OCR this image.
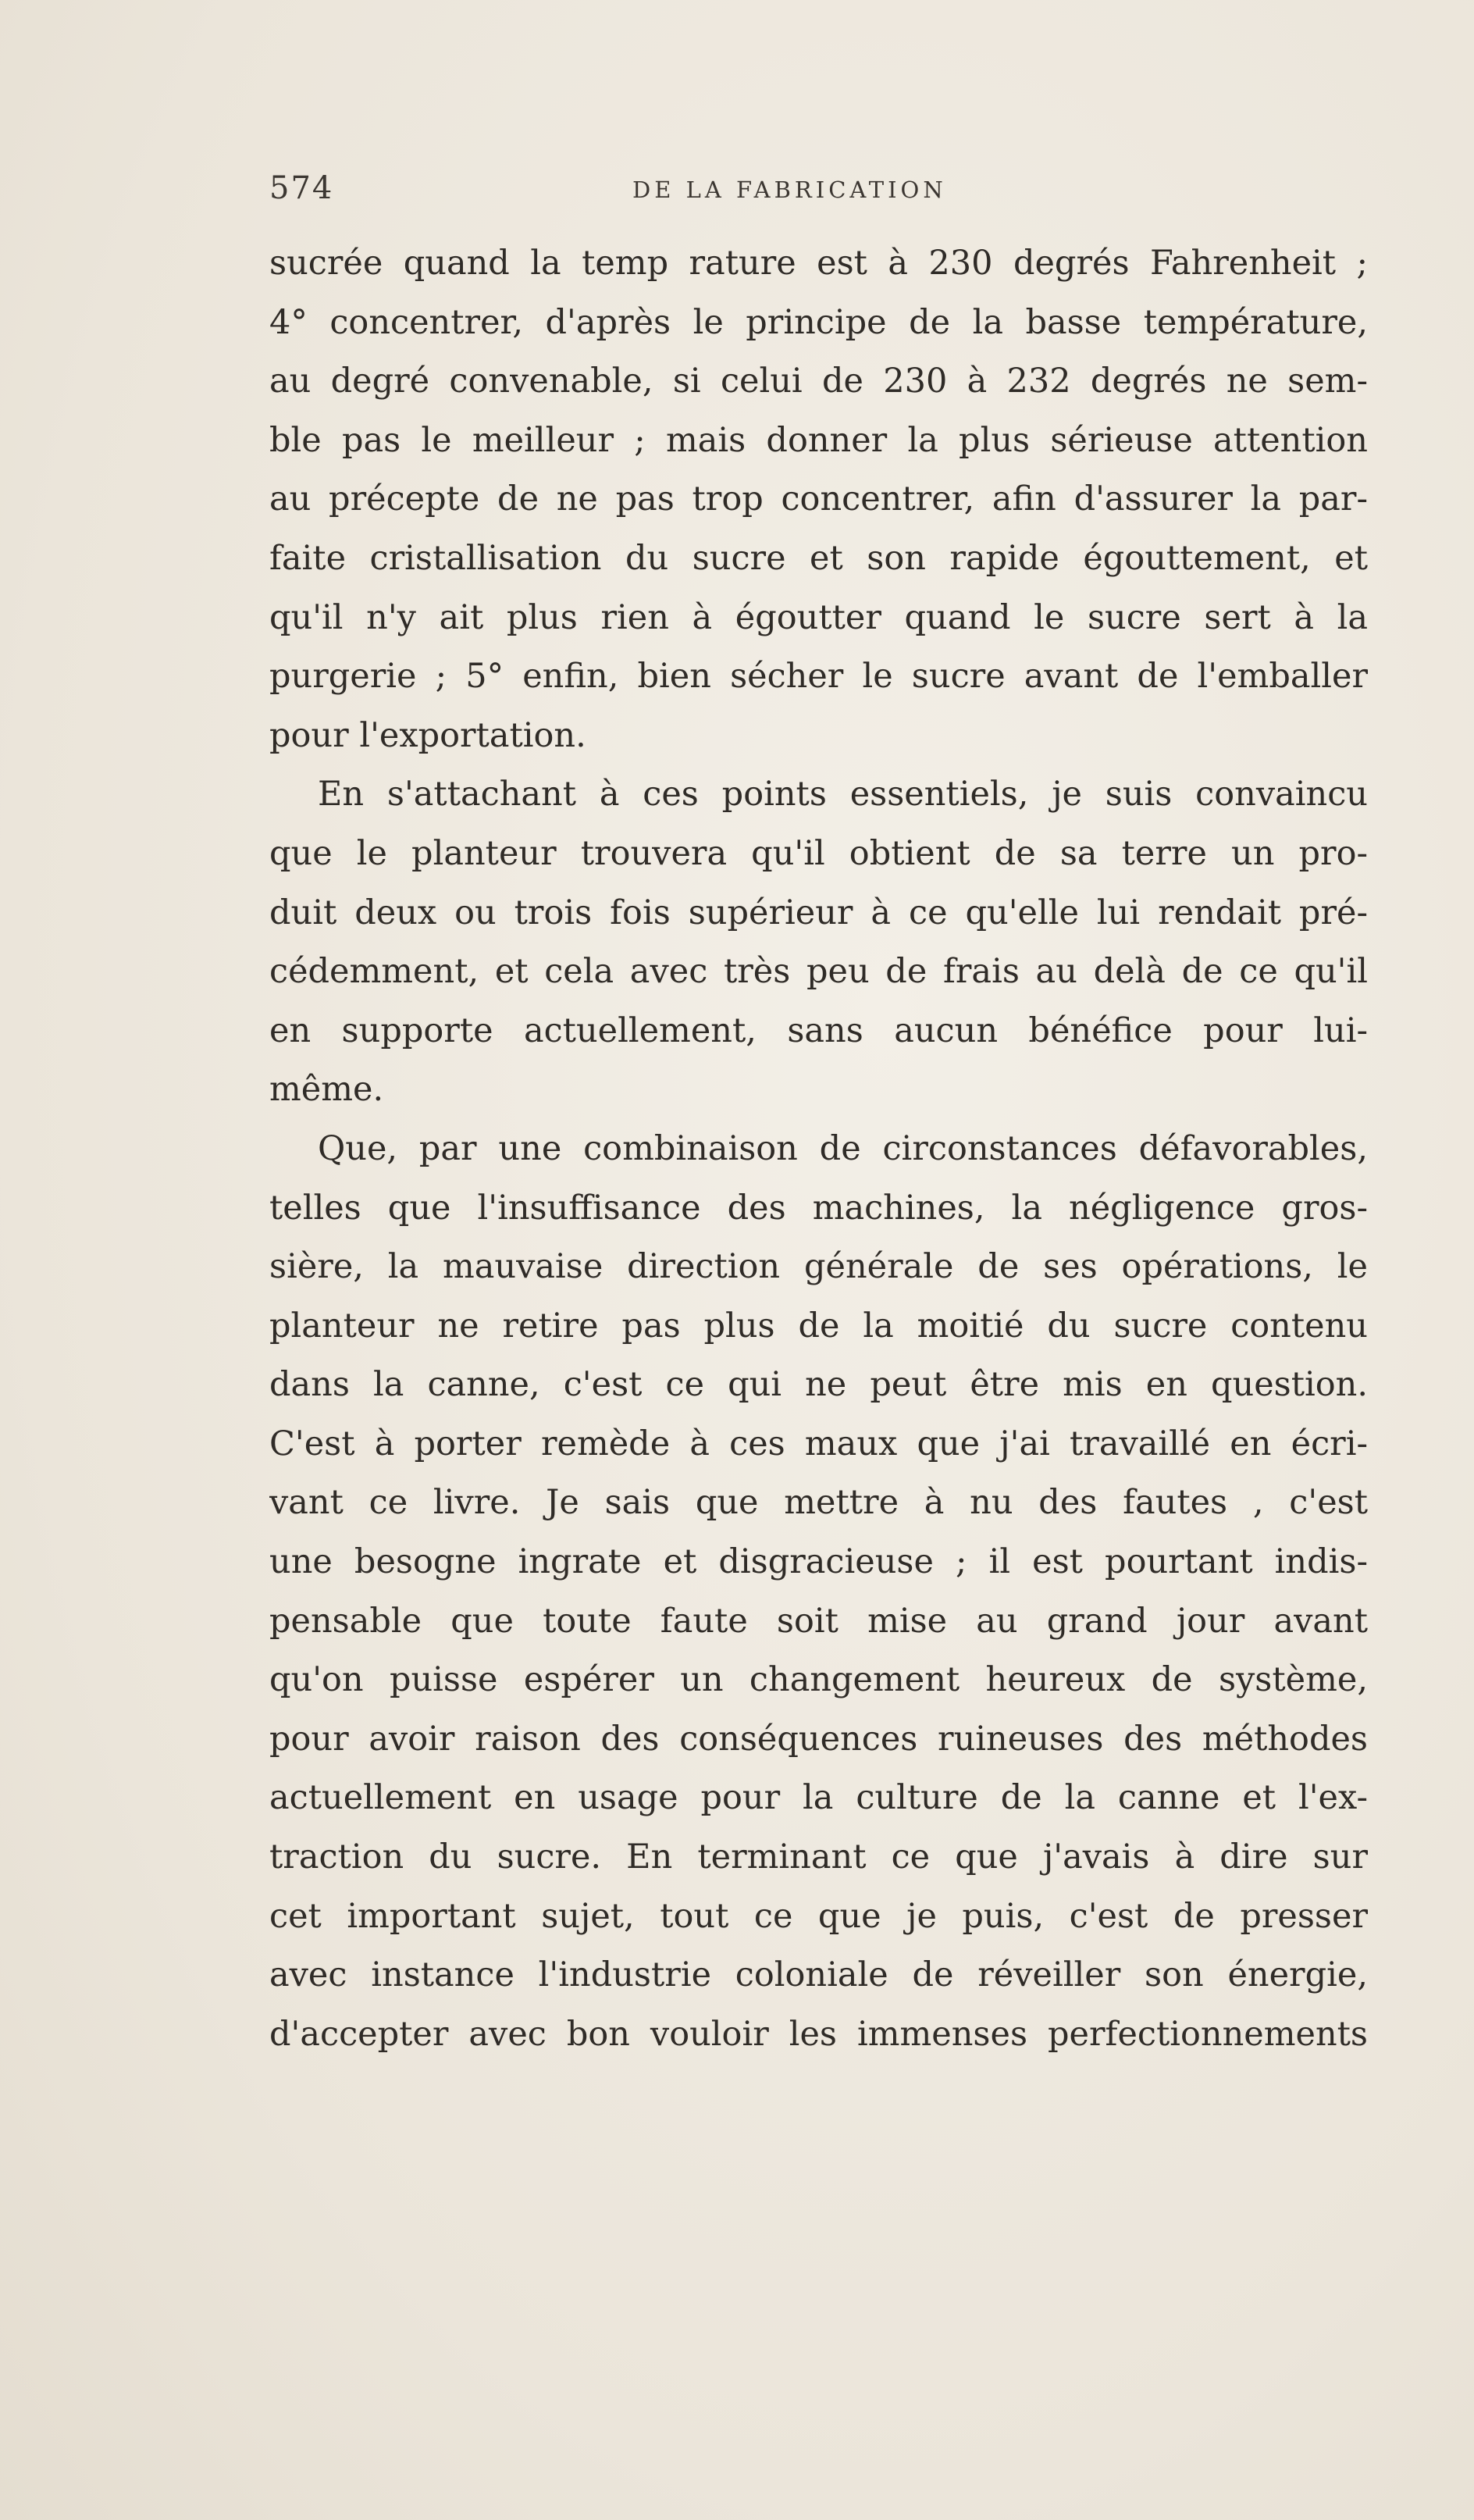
574	DE LA FABRICATION
sucrée quand la temp rature est à 230 degrés Fahrenheit ;
4° concentrer, d'après le principe de la basse température,
au degré convenable, si celui de 230 à 232 degrés ne sem-
ble pas le meilleur ; mais donner la plus sérieuse attention
au précepte de ne pas trop concentrer, afin d'assurer la par-
faite cristallisation du sucre et son rapide égouttement, et
qu'il n'y ait plus rien à égoutter quand le sucre sert à la
purgerie ; 5° enfin, bien sécher le sucre avant de l'emballer
pour l'exportation.
En s'attachant à ces points essentiels, je suis convaincu
que le planteur trouvera qu'il obtient de sa terre un pro-
duit deux ou trois fois supérieur à ce qu'elle lui rendait pré-
cédemment, et cela avec très peu de frais au delà de ce qu'il
en supporte actuellement, sans aucun bénéfice pour lui-
même.
Que, par une combinaison de circonstances défavorables,
telles que l'insuffisance des machines, la négligence gros-
sière, la mauvaise direction générale de ses opérations, le
planteur ne retire pas plus de la moitié du sucre contenu
dans la canne, c'est ce qui ne peut être mis en question.
C'est à porter remède à ces maux que j'ai travaillé en écri-
vant ce livre. Je sais que mettre à nu des fautes , c'est
une besogne ingrate et disgracieuse ; il est pourtant indis-
pensable que toute faute soit mise au grand jour avant
qu'on puisse espérer un changement heureux de système,
pour avoir raison des conséquences ruineuses des méthodes
actuellement en usage pour la culture de la canne et l'ex-
traction du sucre. En terminant ce que j'avais à dire sur
cet important sujet, tout ce que je puis, c'est de presser
avec instance l'industrie coloniale de réveiller son énergie,
d'accepter avec bon vouloir les immenses perfectionnements
